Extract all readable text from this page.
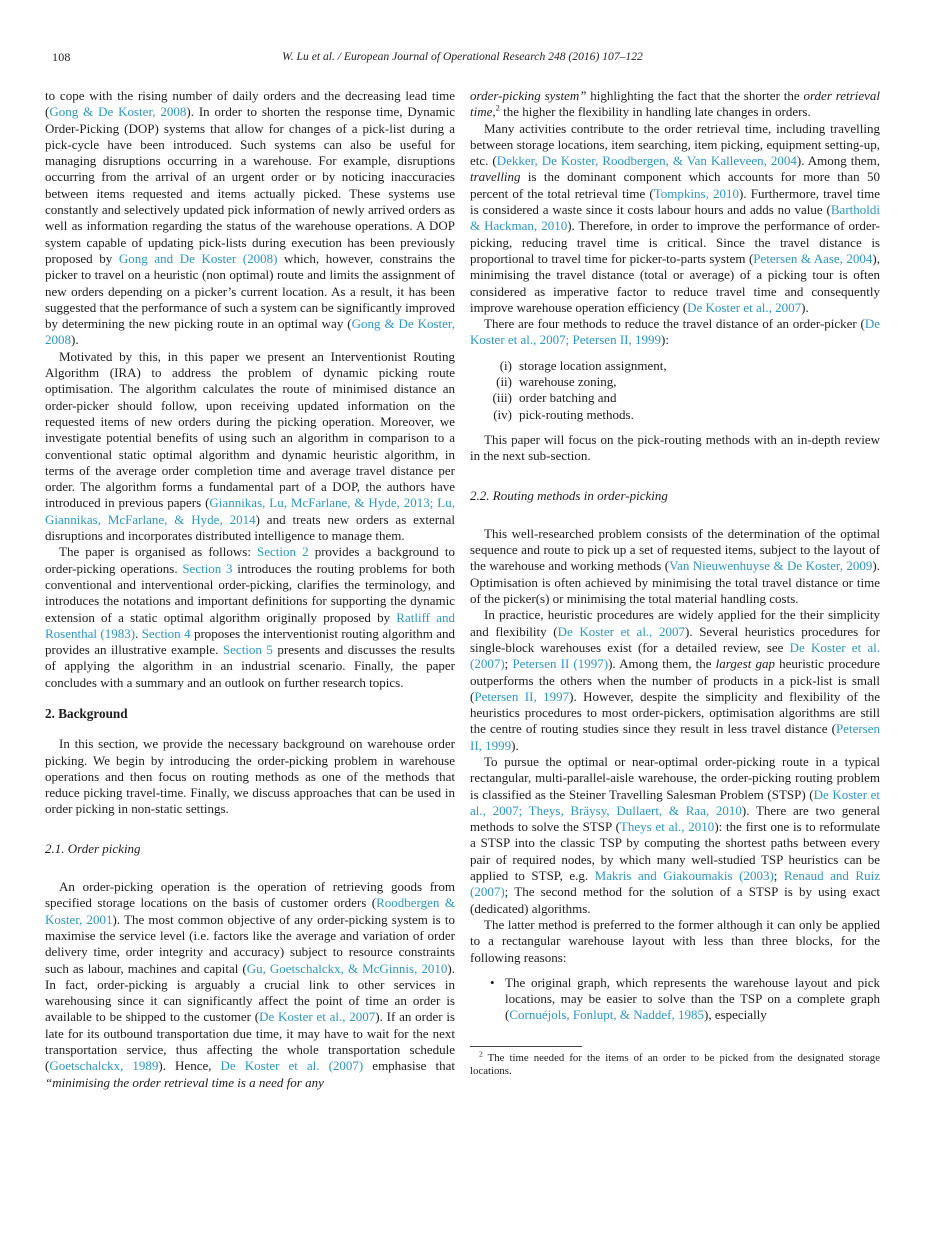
108	W. Lu et al. / European Journal of Operational Research 248 (2016) 107–122

to cope with the rising number of daily orders and the decreasing lead time (Gong & De Koster, 2008). In order to shorten the response time, Dynamic Order-Picking (DOP) systems that allow for changes of a pick-list during a pick-cycle have been introduced. Such systems can also be useful for managing disruptions occurring in a warehouse. For example, disruptions occurring from the arrival of an urgent order or by noticing inaccuracies between items requested and items actually picked. These systems use constantly and selectively updated pick information of newly arrived orders as well as information regarding the status of the warehouse operations. A DOP system capable of updating pick-lists during execution has been previously proposed by Gong and De Koster (2008) which, however, constrains the picker to travel on a heuristic (non optimal) route and limits the assignment of new orders depending on a picker’s current location. As a result, it has been suggested that the performance of such a system can be significantly improved by determining the new picking route in an optimal way (Gong & De Koster, 2008).

Motivated by this, in this paper we present an Interventionist Routing Algorithm (IRA) to address the problem of dynamic picking route optimisation. The algorithm calculates the route of minimised distance an order-picker should follow, upon receiving updated information on the requested items of new orders during the picking operation. Moreover, we investigate potential benefits of using such an algorithm in comparison to a conventional static optimal algorithm and dynamic heuristic algorithm, in terms of the average order completion time and average travel distance per order. The algorithm forms a fundamental part of a DOP, the authors have introduced in previous papers (Giannikas, Lu, McFarlane, & Hyde, 2013; Lu, Giannikas, McFarlane, & Hyde, 2014) and treats new orders as external disruptions and incorporates distributed intelligence to manage them.

The paper is organised as follows: Section 2 provides a background to order-picking operations. Section 3 introduces the routing problems for both conventional and interventional order-picking, clarifies the terminology, and introduces the notations and important definitions for supporting the dynamic extension of a static optimal algorithm originally proposed by Ratliff and Rosenthal (1983). Section 4 proposes the interventionist routing algorithm and provides an illustrative example. Section 5 presents and discusses the results of applying the algorithm in an industrial scenario. Finally, the paper concludes with a summary and an outlook on further research topics.

2. Background

In this section, we provide the necessary background on warehouse order picking. We begin by introducing the order-picking problem in warehouse operations and then focus on routing methods as one of the methods that reduce picking travel-time. Finally, we discuss approaches that can be used in order picking in non-static settings.

2.1. Order picking

An order-picking operation is the operation of retrieving goods from specified storage locations on the basis of customer orders (Roodbergen & Koster, 2001). The most common objective of any order-picking system is to maximise the service level (i.e. factors like the average and variation of order delivery time, order integrity and accuracy) subject to resource constraints such as labour, machines and capital (Gu, Goetschalckx, & McGinnis, 2010). In fact, order-picking is arguably a crucial link to other services in warehousing since it can significantly affect the point of time an order is available to be shipped to the customer (De Koster et al., 2007). If an order is late for its outbound transportation due time, it may have to wait for the next transportation service, thus affecting the whole transportation schedule (Goetschalckx, 1989). Hence, De Koster et al. (2007) emphasise that “minimising the order retrieval time is a need for any

order-picking system” highlighting the fact that the shorter the order retrieval time,$^2$ the higher the flexibility in handling late changes in orders.

Many activities contribute to the order retrieval time, including travelling between storage locations, item searching, item picking, equipment setting-up, etc. (Dekker, De Koster, Roodbergen, & Van Kalleveen, 2004). Among them, travelling is the dominant component which accounts for more than 50 percent of the total retrieval time (Tompkins, 2010). Furthermore, travel time is considered a waste since it costs labour hours and adds no value (Bartholdi & Hackman, 2010). Therefore, in order to improve the performance of order-picking, reducing travel time is critical. Since the travel distance is proportional to travel time for picker-to-parts system (Petersen & Aase, 2004), minimising the travel distance (total or average) of a picking tour is often considered as imperative factor to reduce travel time and consequently improve warehouse operation efficiency (De Koster et al., 2007).

There are four methods to reduce the travel distance of an order-picker (De Koster et al., 2007; Petersen II, 1999):

(i) storage location assignment,
(ii) warehouse zoning,
(iii) order batching and
(iv) pick-routing methods.

This paper will focus on the pick-routing methods with an in-depth review in the next sub-section.

2.2. Routing methods in order-picking

This well-researched problem consists of the determination of the optimal sequence and route to pick up a set of requested items, subject to the layout of the warehouse and working methods (Van Nieuwenhuyse & De Koster, 2009). Optimisation is often achieved by minimising the total travel distance or time of the picker(s) or minimising the total material handling costs.

In practice, heuristic procedures are widely applied for the their simplicity and flexibility (De Koster et al., 2007). Several heuristics procedures for single-block warehouses exist (for a detailed review, see De Koster et al. (2007); Petersen II (1997)). Among them, the largest gap heuristic procedure outperforms the others when the number of products in a pick-list is small (Petersen II, 1997). However, despite the simplicity and flexibility of the heuristics procedures to most order-pickers, optimisation algorithms are still the centre of routing studies since they result in less travel distance (Petersen II, 1999).

To pursue the optimal or near-optimal order-picking route in a typical rectangular, multi-parallel-aisle warehouse, the order-picking routing problem is classified as the Steiner Travelling Salesman Problem (STSP) (De Koster et al., 2007; Theys, Bräysy, Dullaert, & Raa, 2010). There are two general methods to solve the STSP (Theys et al., 2010): the first one is to reformulate a STSP into the classic TSP by computing the shortest paths between every pair of required nodes, by which many well-studied TSP heuristics can be applied to STSP, e.g. Makris and Giakoumakis (2003); Renaud and Ruiz (2007); The second method for the solution of a STSP is by using exact (dedicated) algorithms.

The latter method is preferred to the former although it can only be applied to a rectangular warehouse layout with less than three blocks, for the following reasons:

• The original graph, which represents the warehouse layout and pick locations, may be easier to solve than the TSP on a complete graph (Cornuéjols, Fonlupt, & Naddef, 1985), especially

$^2$ The time needed for the items of an order to be picked from the designated storage locations.
